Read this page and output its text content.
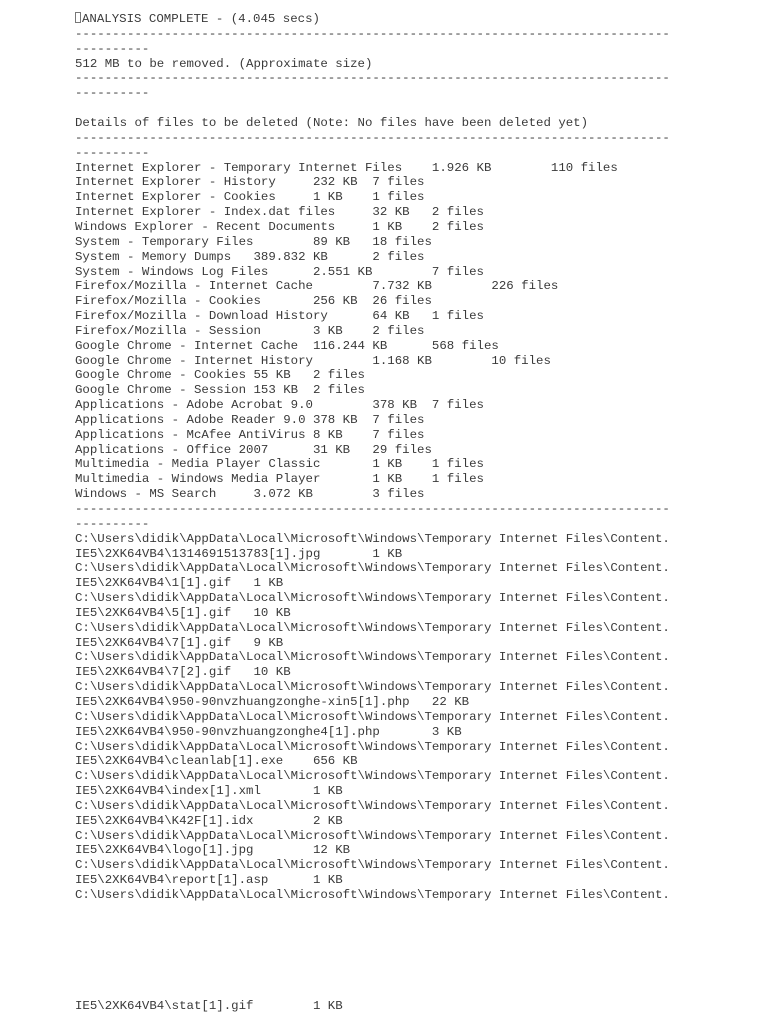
ANALYSIS COMPLETE - (4.045 secs)
--------------------------------------------------------------------------------
----------
512 MB to be removed. (Approximate size)
--------------------------------------------------------------------------------
----------
Details of files to be deleted (Note: No files have been deleted yet)
--------------------------------------------------------------------------------
----------
Internet Explorer - Temporary Internet Files    1.926 KB        110 files
Internet Explorer - History     232 KB  7 files
Internet Explorer - Cookies     1 KB    1 files
Internet Explorer - Index.dat files     32 KB   2 files
Windows Explorer - Recent Documents     1 KB    2 files
System - Temporary Files        89 KB   18 files
System - Memory Dumps   389.832 KB      2 files
System - Windows Log Files      2.551 KB        7 files
Firefox/Mozilla - Internet Cache        7.732 KB        226 files
Firefox/Mozilla - Cookies       256 KB  26 files
Firefox/Mozilla - Download History      64 KB   1 files
Firefox/Mozilla - Session       3 KB    2 files
Google Chrome - Internet Cache  116.244 KB      568 files
Google Chrome - Internet History        1.168 KB        10 files
Google Chrome - Cookies 55 KB   2 files
Google Chrome - Session 153 KB  2 files
Applications - Adobe Acrobat 9.0        378 KB  7 files
Applications - Adobe Reader 9.0 378 KB  7 files
Applications - McAfee AntiVirus 8 KB    7 files
Applications - Office 2007      31 KB   29 files
Multimedia - Media Player Classic       1 KB    1 files
Multimedia - Windows Media Player       1 KB    1 files
Windows - MS Search     3.072 KB        3 files
--------------------------------------------------------------------------------
----------
C:\Users\didik\AppData\Local\Microsoft\Windows\Temporary Internet Files\Content.
IE5\2XK64VB4\1314691513783[1].jpg       1 KB
C:\Users\didik\AppData\Local\Microsoft\Windows\Temporary Internet Files\Content.
IE5\2XK64VB4\1[1].gif   1 KB
C:\Users\didik\AppData\Local\Microsoft\Windows\Temporary Internet Files\Content.
IE5\2XK64VB4\5[1].gif   10 KB
C:\Users\didik\AppData\Local\Microsoft\Windows\Temporary Internet Files\Content.
IE5\2XK64VB4\7[1].gif   9 KB
C:\Users\didik\AppData\Local\Microsoft\Windows\Temporary Internet Files\Content.
IE5\2XK64VB4\7[2].gif   10 KB
C:\Users\didik\AppData\Local\Microsoft\Windows\Temporary Internet Files\Content.
IE5\2XK64VB4\950-90nvzhuangzonghe-xin5[1].php   22 KB
C:\Users\didik\AppData\Local\Microsoft\Windows\Temporary Internet Files\Content.
IE5\2XK64VB4\950-90nvzhuangzonghe4[1].php       3 KB
C:\Users\didik\AppData\Local\Microsoft\Windows\Temporary Internet Files\Content.
IE5\2XK64VB4\cleanlab[1].exe    656 KB
C:\Users\didik\AppData\Local\Microsoft\Windows\Temporary Internet Files\Content.
IE5\2XK64VB4\index[1].xml       1 KB
C:\Users\didik\AppData\Local\Microsoft\Windows\Temporary Internet Files\Content.
IE5\2XK64VB4\K42F[1].idx        2 KB
C:\Users\didik\AppData\Local\Microsoft\Windows\Temporary Internet Files\Content.
IE5\2XK64VB4\logo[1].jpg        12 KB
C:\Users\didik\AppData\Local\Microsoft\Windows\Temporary Internet Files\Content.
IE5\2XK64VB4\report[1].asp      1 KB
C:\Users\didik\AppData\Local\Microsoft\Windows\Temporary Internet Files\Content.
IE5\2XK64VB4\stat[1].gif        1 KB
